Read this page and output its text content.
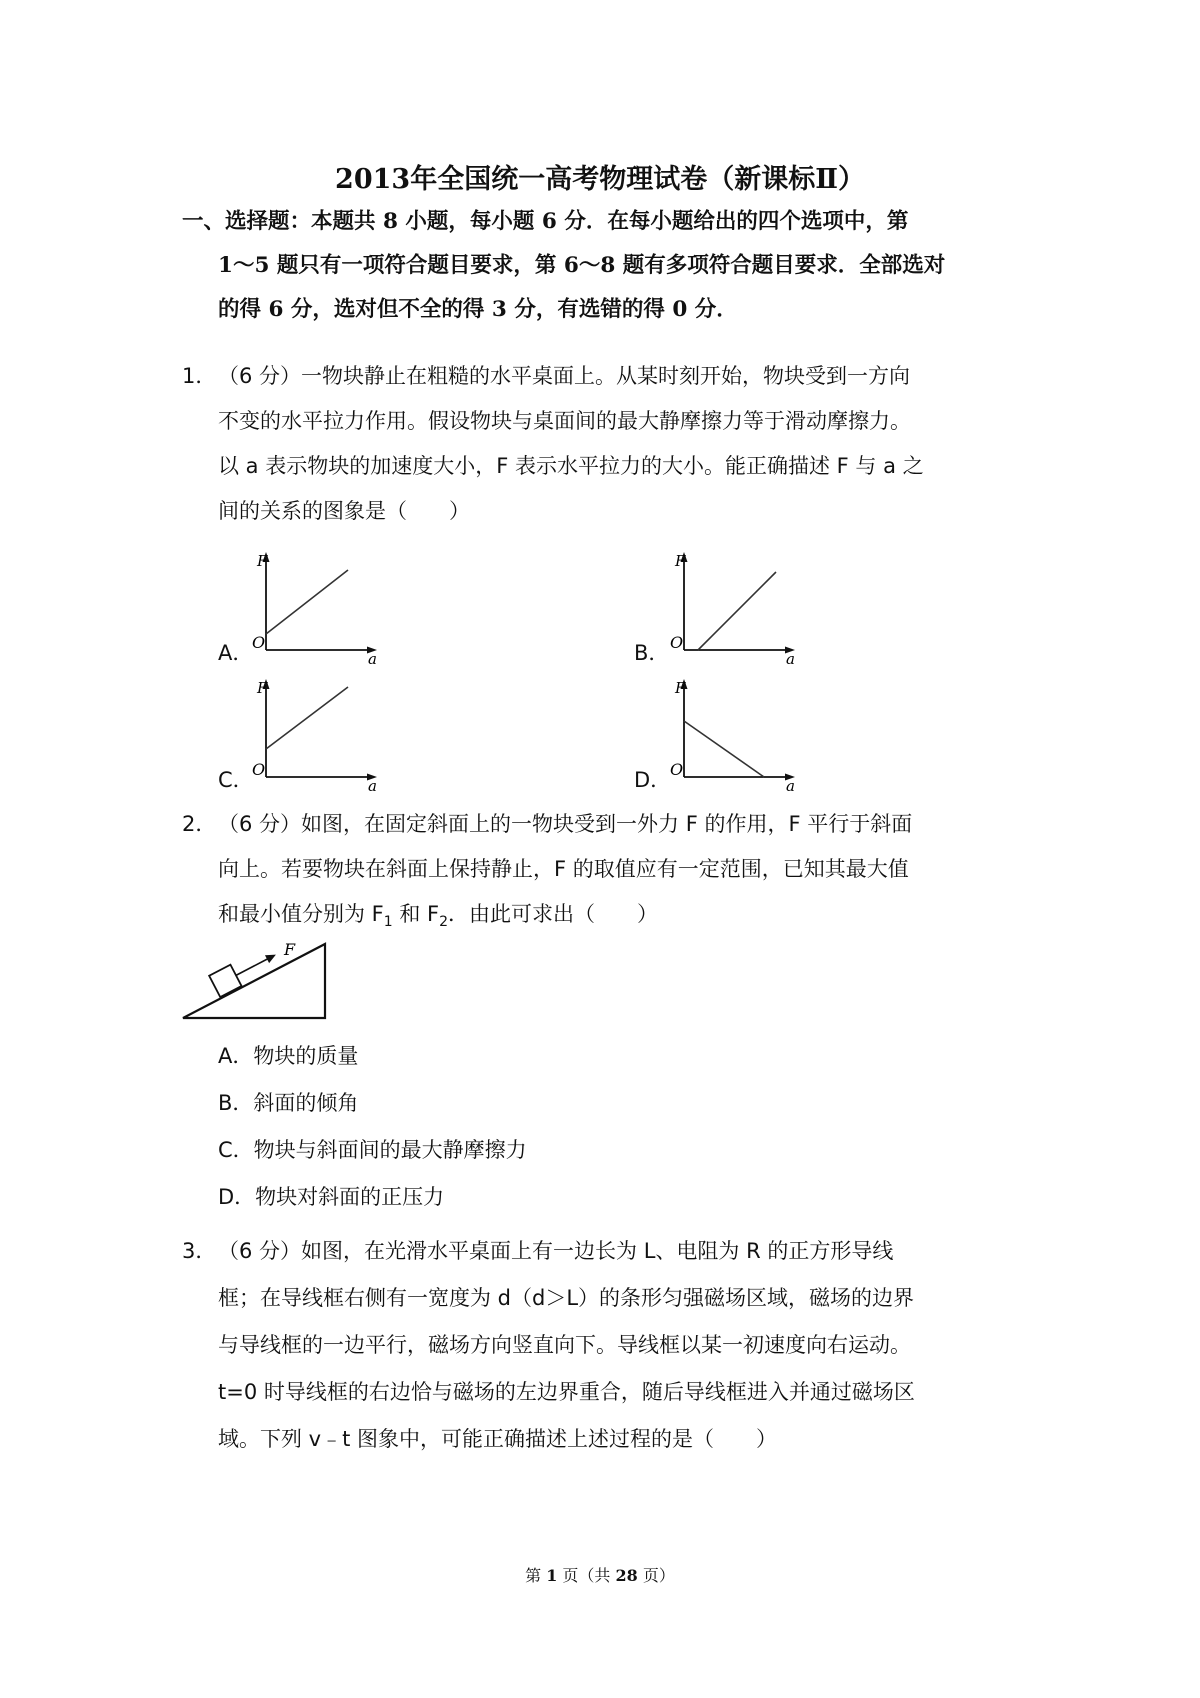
2013年全国统一高考物理试卷（新课标Ⅱ）
一、选择题：本题共 8 小题，每小题 6 分．在每小题给出的四个选项中，第
1～5 题只有一项符合题目要求，第 6～8 题有多项符合题目要求．全部选对
的得 6 分，选对但不全的得 3 分，有选错的得 0 分．
1． （6 分）一物块静止在粗糙的水平桌面上。从某时刻开始，物块受到一方向
不变的水平拉力作用。假设物块与桌面间的最大静摩擦力等于滑动摩擦力。
以 a 表示物块的加速度大小，F 表示水平拉力的大小。能正确描述 F 与 a 之
间的关系的图象是（　　）
A．	B．
C．	D．
F
O
a
F
O
a
F
O
a
F
O
a
2． （6 分）如图，在固定斜面上的一物块受到一外力 F 的作用，F 平行于斜面
向上。若要物块在斜面上保持静止，F 的取值应有一定范围，已知其最大值
和最小值分别为 $F_1$ 和 $F_2$．由此可求出（　　）
F
A．物块的质量
B．斜面的倾角
C．物块与斜面间的最大静摩擦力
D．物块对斜面的正压力
3． （6 分）如图，在光滑水平桌面上有一边长为 L、电阻为 R 的正方形导线
框；在导线框右侧有一宽度为 d（d＞L）的条形匀强磁场区域，磁场的边界
与导线框的一边平行，磁场方向竖直向下。导线框以某一初速度向右运动。
t=0 时导线框的右边恰与磁场的左边界重合，随后导线框进入并通过磁场区
域。下列 v﹣t 图象中，可能正确描述上述过程的是（　　）
第 1 页（共 28 页）
